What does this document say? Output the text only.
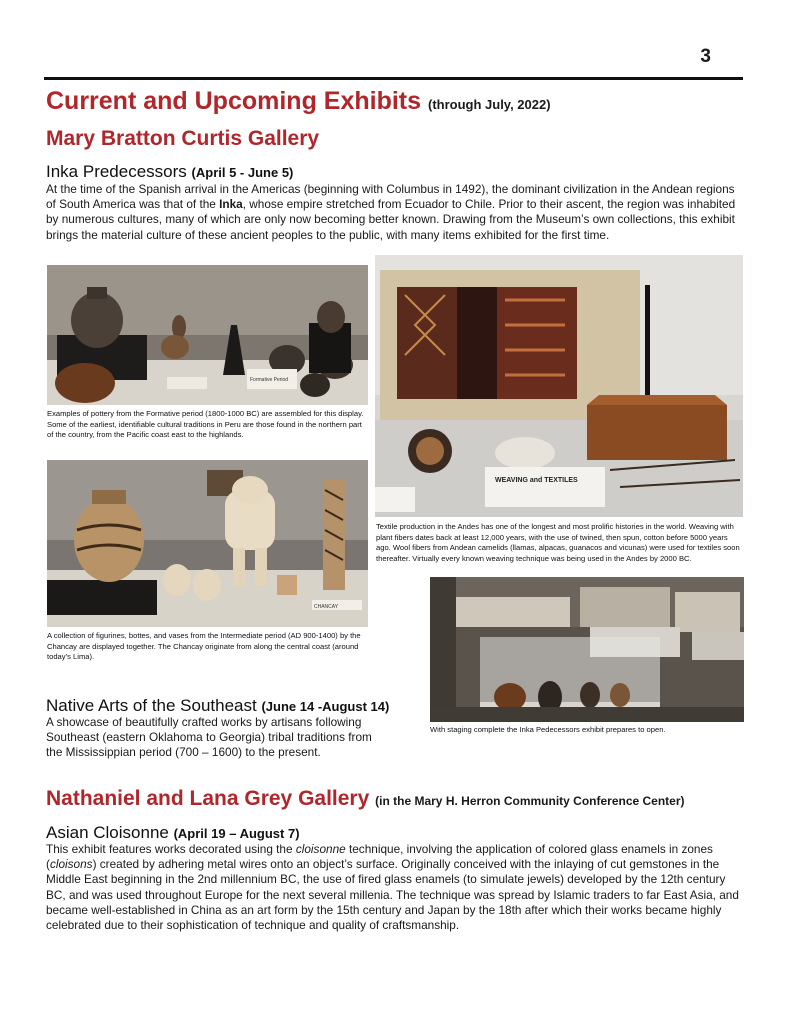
3
Current and Upcoming Exhibits (through July, 2022)
Mary Bratton Curtis Gallery
Inka Predecessors (April 5 - June 5)
At the time of the Spanish arrival in the Americas (beginning with Columbus in 1492), the dominant civilization in the Andean regions of South America was that of the Inka, whose empire stretched from Ecuador to Chile. Prior to their ascent, the region was inhabited by numerous cultures, many of which are only now becoming better known. Drawing from the Museum’s own collections, this exhibit brings the material culture of these ancient peoples to the public, with many items exhibited for the first time.
Formative Period
Examples of pottery from the Formative period (1800-1000 BC) are assembled for this display. Some of the earliest, identifiable cultural traditions in Peru are those found in the northern part of the country, from the Pacific coast east to the highlands.
WEAVING and TEXTILES
Textile production in the Andes has one of the longest and most prolific histories in the world. Weaving with plant fibers dates back at least 12,000 years, with the use of twined, then spun, cotton before 5000 years ago. Wool fibers from Andean camelids (llamas, alpacas, guanacos and vicunas) were used for textiles soon thereafter. Virtually every known weaving technique was being used in the Andes by 2000 BC.
CHANCAY
A collection of figurines, bottes, and vases from the Intermediate period (AD 900-1400) by the Chancay are displayed together. The Chancay originate from along the central coast (around today’s Lima).
With staging complete the Inka Pedecessors exhibit prepares to open.
Native Arts of the Southeast (June 14 -August 14)
A showcase of beautifully crafted works by artisans following Southeast (eastern Oklahoma to Georgia) tribal traditions from the Mississippian period (700 – 1600) to the present.
Nathaniel and Lana Grey Gallery (in the Mary H. Herron Community Conference Center)
Asian Cloisonne (April 19 – August 7)
This exhibit features works decorated using the cloisonne technique, involving the application of colored glass enamels in zones (cloisons) created by adhering metal wires onto an object’s surface. Originally conceived with the inlaying of cut gemstones in the Middle East beginning in the 2nd millennium BC, the use of fired glass enamels (to simulate jewels) developed by the 12th century BC, and was used throughout Europe for the next several millenia. The technique was spread by Islamic traders to far East Asia, and became well-established in China as an art form by the 15th century and Japan by the 18th after which their works became highly celebrated due to their sophistication of technique and quality of craftsmanship.
